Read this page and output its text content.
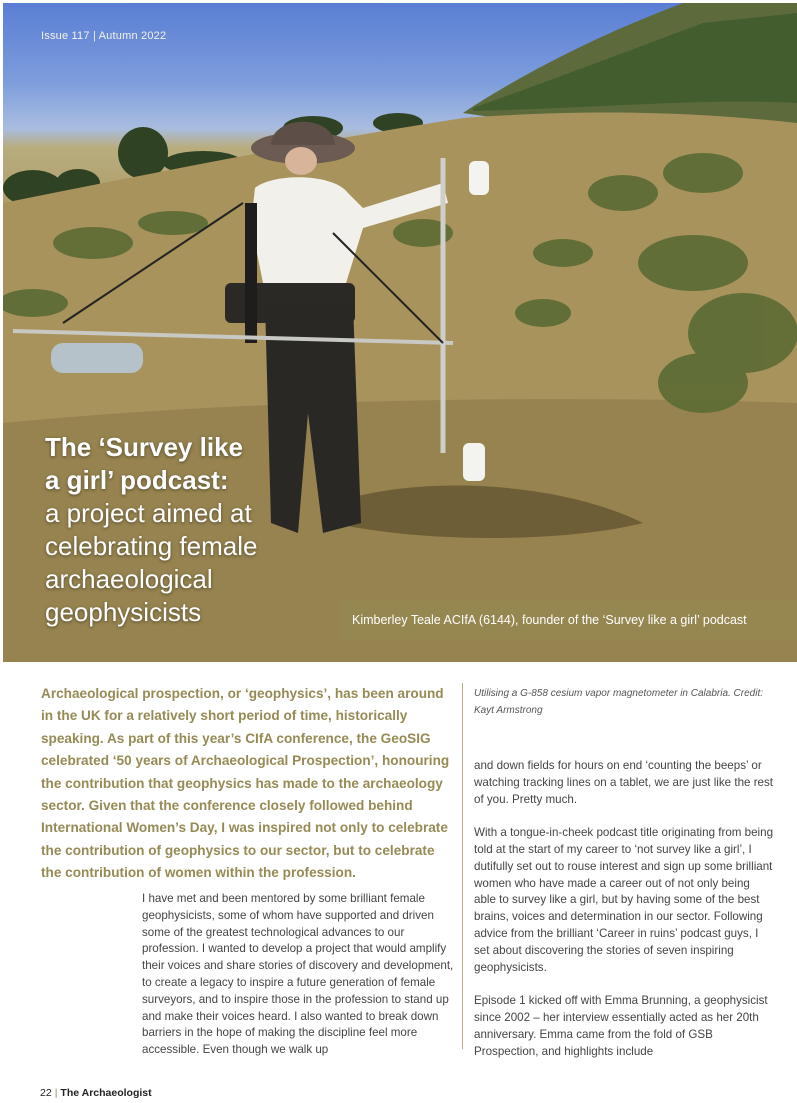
Issue 117 | Autumn 2022
The ‘Survey like
a girl’ podcast:
a project aimed at
celebrating female
archaeological
geophysicists	Kimberley Teale ACIfA (6144), founder of the ‘Survey like a girl’ podcast

Archaeological prospection, or ‘geophysics’, has been around in the UK for a relatively short period of time, historically speaking. As part of this year’s CIfA conference, the GeoSIG celebrated ‘50 years of Archaeological Prospection’, honouring the contribution that geophysics has made to the archaeology sector. Given that the conference closely followed behind International Women’s Day, I was inspired not only to celebrate the contribution of geophysics to our sector, but to celebrate the contribution of women within the profession.

I have met and been mentored by some brilliant female geophysicists, some of whom have supported and driven some of the greatest technological advances to our profession. I wanted to develop a project that would amplify their voices and share stories of discovery and development, to create a legacy to inspire a future generation of female surveyors, and to inspire those in the profession to stand up and make their voices heard. I also wanted to break down barriers in the hope of making the discipline feel more accessible. Even though we walk up

Utilising a G-858 cesium vapor magnetometer in Calabria. Credit: Kayt Armstrong

and down fields for hours on end ‘counting the beeps’ or watching tracking lines on a tablet, we are just like the rest of you. Pretty much.

With a tongue-in-cheek podcast title originating from being told at the start of my career to ‘not survey like a girl’, I dutifully set out to rouse interest and sign up some brilliant women who have made a career out of not only being able to survey like a girl, but by having some of the best brains, voices and determination in our sector. Following advice from the brilliant ‘Career in ruins’ podcast guys, I set about discovering the stories of seven inspiring geophysicists.

Episode 1 kicked off with Emma Brunning, a geophysicist since 2002 – her interview essentially acted as her 20th anniversary. Emma came from the fold of GSB Prospection, and highlights include

22 | The Archaeologist
